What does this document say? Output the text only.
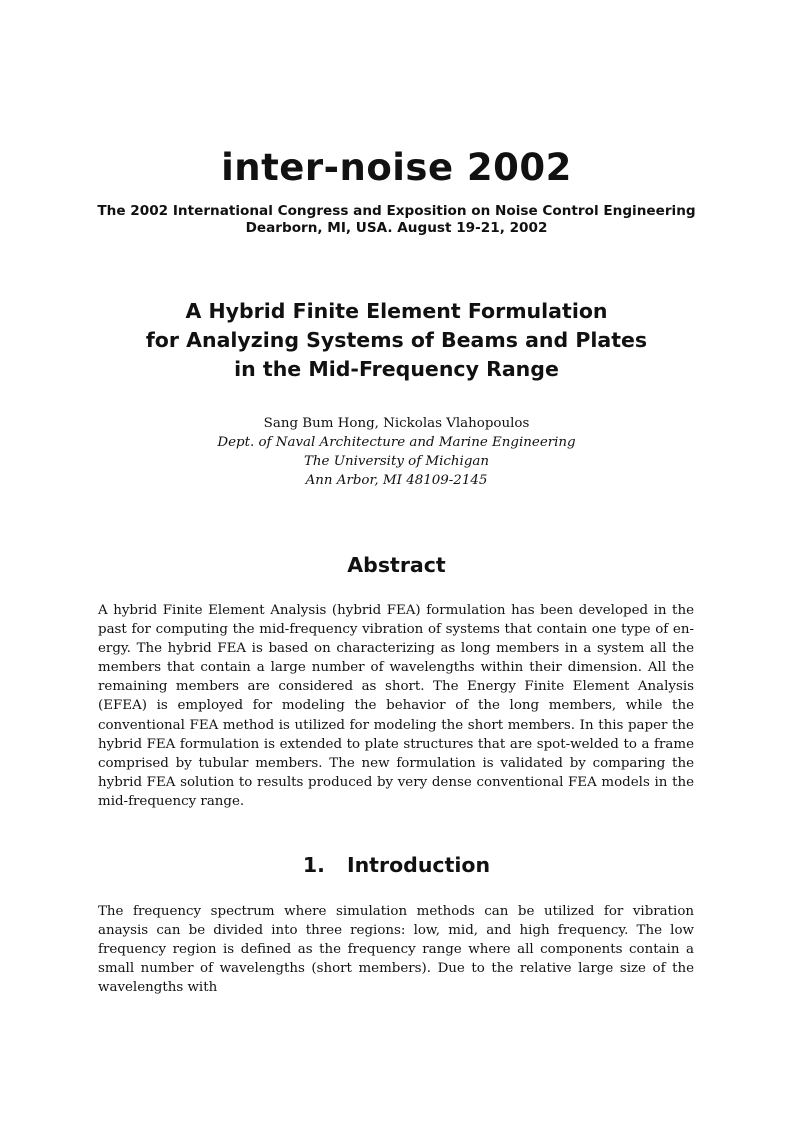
inter-noise 2002
The 2002 International Congress and Exposition on Noise Control Engineering
Dearborn, MI, USA. August 19-21, 2002
A Hybrid Finite Element Formulation
for Analyzing Systems of Beams and Plates
in the Mid-Frequency Range
Sang Bum Hong, Nickolas Vlahopoulos
Dept. of Naval Architecture and Marine Engineering
The University of Michigan
Ann Arbor, MI 48109-2145
Abstract

A hybrid Finite Element Analysis (hybrid FEA) formulation has been developed in the past for computing the mid-frequency vibration of systems that contain one type of energy. The hybrid FEA is based on characterizing as long members in a system all the members that contain a large number of wavelengths within their dimension. All the remaining members are considered as short. The Energy Finite Element Analysis (EFEA) is employed for modeling the behavior of the long members, while the conventional FEA method is utilized for modeling the short members. In this paper the hybrid FEA formulation is extended to plate structures that are spot-welded to a frame comprised by tubular members. The new formulation is validated by comparing the hybrid FEA solution to results produced by very dense conventional FEA models in the mid-frequency range.

1. Introduction

The frequency spectrum where simulation methods can be utilized for vibration anaysis can be divided into three regions: low, mid, and high frequency. The low frequency region is defined as the frequency range where all components contain a small number of wavelengths (short members). Due to the relative large size of the wavelengths with
